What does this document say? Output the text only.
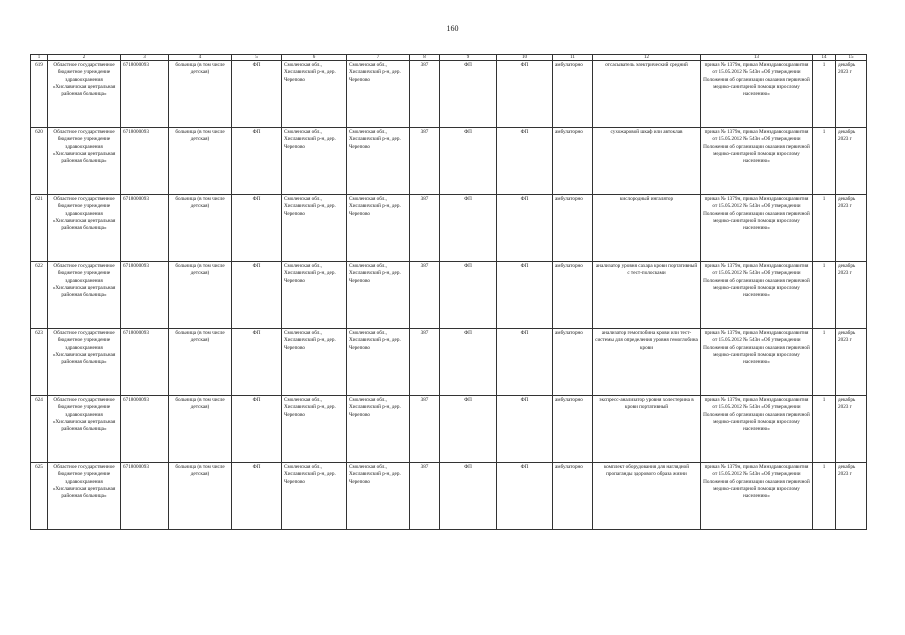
160
1	2	3	4	5	6	7	8	9	10	11	12	13	14	15
619	Областное государственное бюджетное учреждение здравоохранения «Хиславичская центральная районная больница»	6718000093	больница (в том числе детская)	ФП	Смоленская обл., Хиславичский р-н, дер. Черепово	Смоленская обл., Хиславичский р-н, дер. Черепово	387	ФП	ФП	амбулаторно	отсасыватель электрический средний	приказ № 1379н, приказ Минздравсоцразвития от 15.05.2012 № 543н «Об утверждении Положения об организации оказания первичной медико-санитарной помощи взрослому населению»	1	декабрь 2023 г
620	Областное государственное бюджетное учреждение здравоохранения «Хиславичская центральная районная больница»	6718000093	больница (в том числе детская)	ФП	Смоленская обл., Хиславичский р-н, дер. Черепово	Смоленская обл., Хиславичский р-н, дер. Черепово	387	ФП	ФП	амбулаторно	сухожаровой шкаф или автоклав	приказ № 1379н, приказ Минздравсоцразвития от 15.05.2012 № 543н «Об утверждении Положения об организации оказания первичной медико-санитарной помощи взрослому населению»	1	декабрь 2023 г
621	Областное государственное бюджетное учреждение здравоохранения «Хиславичская центральная районная больница»	6718000093	больница (в том числе детская)	ФП	Смоленская обл., Хиславичский р-н, дер. Черепово	Смоленская обл., Хиславичский р-н, дер. Черепово	387	ФП	ФП	амбулаторно	кислородный ингалятор	приказ № 1379н, приказ Минздравсоцразвития от 15.05.2012 № 543н «Об утверждении Положения об организации оказания первичной медико-санитарной помощи взрослому населению»	1	декабрь 2023 г
622	Областное государственное бюджетное учреждение здравоохранения «Хиславичская центральная районная больница»	6718000093	больница (в том числе детская)	ФП	Смоленская обл., Хиславичский р-н, дер. Черепово	Смоленская обл., Хиславичский р-н, дер. Черепово	387	ФП	ФП	амбулаторно	анализатор уровня сахара крови портативный с тест-полосками	приказ № 1379н, приказ Минздравсоцразвития от 15.05.2012 № 543н «Об утверждении Положения об организации оказания первичной медико-санитарной помощи взрослому населению»	1	декабрь 2023 г
623	Областное государственное бюджетное учреждение здравоохранения «Хиславичская центральная районная больница»	6718000093	больница (в том числе детская)	ФП	Смоленская обл., Хиславичский р-н, дер. Черепово	Смоленская обл., Хиславичский р-н, дер. Черепово	387	ФП	ФП	амбулаторно	анализатор гемоглобина крови или тест-системы для определения уровня гемоглобина крови	приказ № 1379н, приказ Минздравсоцразвития от 15.05.2012 № 543н «Об утверждении Положения об организации оказания первичной медико-санитарной помощи взрослому населению»	1	декабрь 2023 г
624	Областное государственное бюджетное учреждение здравоохранения «Хиславичская центральная районная больница»	6718000093	больница (в том числе детская)	ФП	Смоленская обл., Хиславичский р-н, дер. Черепово	Смоленская обл., Хиславичский р-н, дер. Черепово	387	ФП	ФП	амбулаторно	экспресс-анализатор уровня холестерина в крови портативный	приказ № 1379н, приказ Минздравсоцразвития от 15.05.2012 № 543н «Об утверждении Положения об организации оказания первичной медико-санитарной помощи взрослому населению»	1	декабрь 2023 г
625	Областное государственное бюджетное учреждение здравоохранения «Хиславичская центральная районная больница»	6718000093	больница (в том числе детская)	ФП	Смоленская обл., Хиславичский р-н, дер. Черепово	Смоленская обл., Хиславичский р-н, дер. Черепово	387	ФП	ФП	амбулаторно	комплект оборудования для наглядной пропаганды здорового образа жизни	приказ № 1379н, приказ Минздравсоцразвития от 15.05.2012 № 543н «Об утверждении Положения об организации оказания первичной медико-санитарной помощи взрослому населению»	1	декабрь 2023 г
